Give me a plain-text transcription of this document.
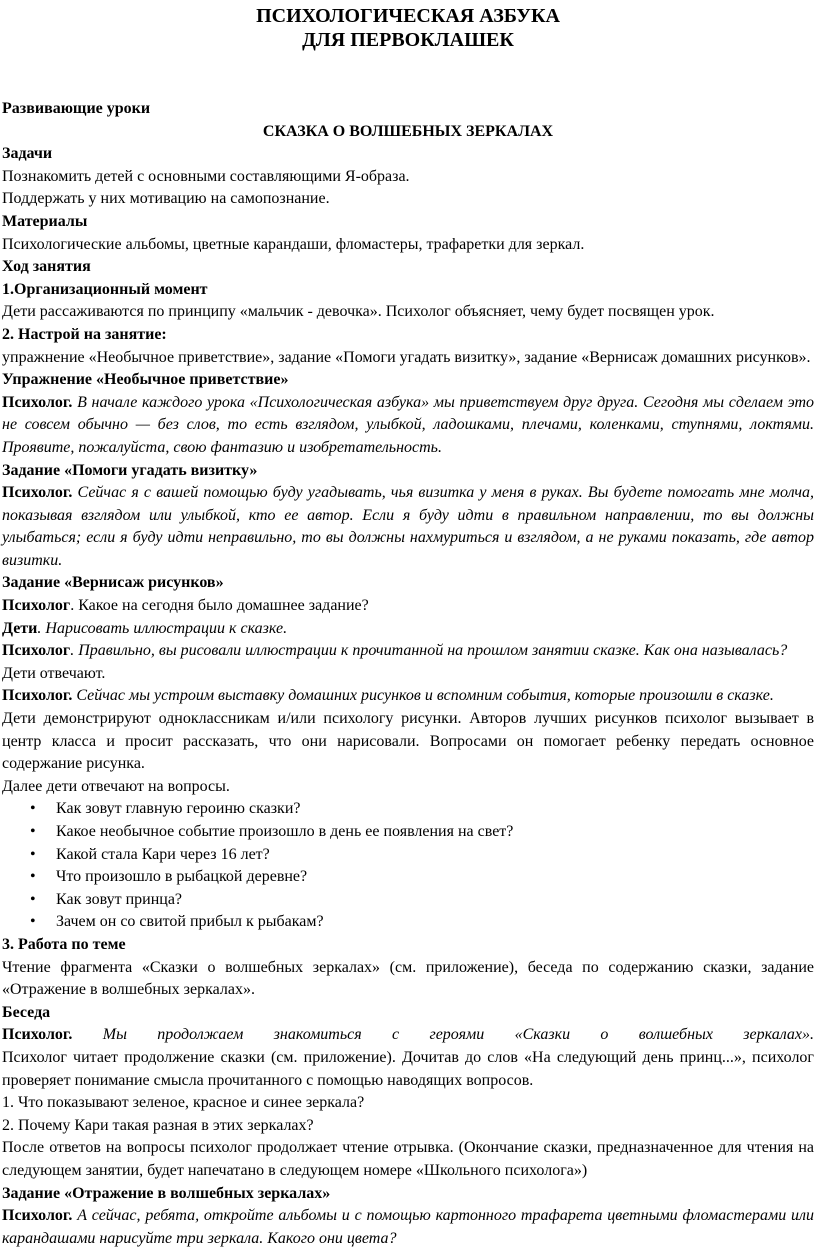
ПСИХОЛОГИЧЕСКАЯ АЗБУКА
ДЛЯ ПЕРВОКЛАШЕК

Развивающие уроки

СКАЗКА О ВОЛШЕБНЫХ ЗЕРКАЛАХ

Задачи

Познакомить детей с основными составляющими Я-образа.

Поддержать у них мотивацию на самопознание.

Материалы

Психологические альбомы, цветные карандаши, фломастеры, трафаретки для зеркал.

Ход занятия

1.Организационный момент

Дети рассаживаются по принципу «мальчик - девочка». Психолог объясняет, чему будет посвящен урок.

2. Настрой на занятие:

упражнение «Необычное приветствие», задание «Помоги угадать визитку», задание «Вернисаж домашних рисунков».

Упражнение «Необычное приветствие»

Психолог. В начале каждого урока «Психологическая азбука» мы приветствуем друг друга. Сегодня мы сделаем это не совсем обычно — без слов, то есть взглядом, улыбкой, ладошками, плечами, коленками, ступнями, локтями. Проявите, пожалуйста, свою фантазию и изобретательность.

Задание «Помоги угадать визитку»

Психолог. Сейчас я с вашей помощью буду угадывать, чья визитка у меня в руках. Вы будете помогать мне молча, показывая взглядом или улыбкой, кто ее автор. Если я буду идти в правильном направлении, то вы должны улыбаться; если я буду идти неправильно, то вы должны нахмуриться и взглядом, а не руками показать, где автор визитки.

Задание «Вернисаж рисунков»

Психолог. Какое на сегодня было домашнее задание?

Дети. Нарисовать иллюстрации к сказке.

Психолог. Правильно, вы рисовали иллюстрации к прочитанной на прошлом занятии сказке. Как она называлась?

Дети отвечают.

Психолог. Сейчас мы устроим выставку домашних рисунков и вспомним события, которые произошли в сказке.

Дети демонстрируют одноклассникам и/или психологу рисунки. Авторов лучших рисунков психолог вызывает в центр класса и просит рассказать, что они нарисовали. Вопросами он помогает ребенку передать основное содержание рисунка.

Далее дети отвечают на вопросы.

• Как зовут главную героиню сказки?
• Какое необычное событие произошло в день ее появления на свет?
• Какой стала Кари через 16 лет?
• Что произошло в рыбацкой деревне?
• Как зовут принца?
• Зачем он со свитой прибыл к рыбакам?

3. Работа по теме

Чтение фрагмента «Сказки о волшебных зеркалах» (см. приложение), беседа по содержанию сказки, задание «Отражение в волшебных зеркалах».

Беседа

Психолог. Мы продолжаем знакомиться с героями «Сказки о волшебных зеркалах».

Психолог читает продолжение сказки (см. приложение). Дочитав до слов «На следующий день принц...», психолог проверяет понимание смысла прочитанного с помощью наводящих вопросов.

1. Что показывают зеленое, красное и синее зеркала?

2. Почему Кари такая разная в этих зеркалах?

После ответов на вопросы психолог продолжает чтение отрывка. (Окончание сказки, предназначенное для чтения на следующем занятии, будет напечатано в следующем номере «Школьного психолога»)

Задание «Отражение в волшебных зеркалах»

Психолог. А сейчас, ребята, откройте альбомы и с помощью картонного трафарета цветными фломастерами или карандашами нарисуйте три зеркала. Какого они цвета?
